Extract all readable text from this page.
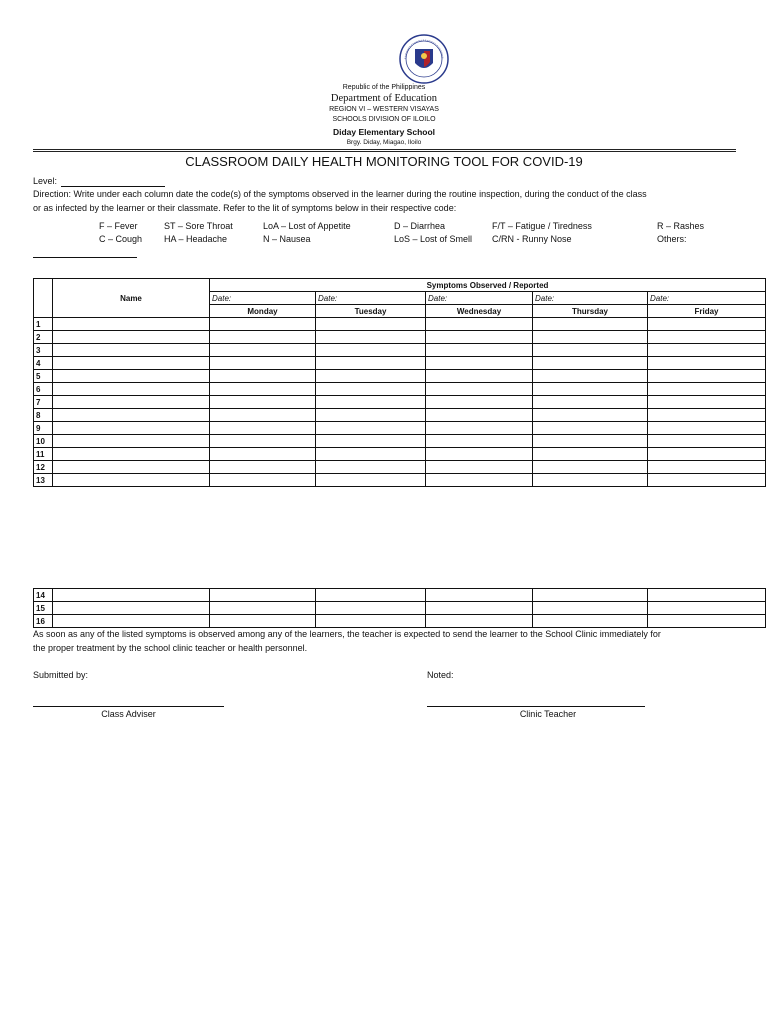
Republic of the Philippines
Department of Education
REGION VI – WESTERN VISAYAS
SCHOOLS DIVISION OF ILOILO
Diday Elementary School
Brgy. Diday, Miagao, Iloilo
CLASSROOM DAILY HEALTH MONITORING TOOL FOR COVID-19
Level:
Direction: Write under each column date the code(s) of the symptoms observed in the learner during the routine inspection, during the conduct of the class
or as infected by the learner or their classmate. Refer to the lit of symptoms below in their respective code:
F – Fever	ST – Sore Throat	LoA – Lost of Appetite	D – Diarrhea	F/T – Fatigue / Tiredness	R – Rashes
C – Cough HA – Headache	N – Nausea	LoS – Lost of Smell C/RN - Runny Nose	Others:
	Name	Symptoms Observed / Reported				
		Date:	Date:	Date:	Date:	Date:
		Monday	Tuesday	Wednesday	Thursday	Friday
1						
2						
3						
4						
5						
6						
7						
8						
9						
10						
11						
12						
13						
14						
15						
16						
As soon as any of the listed symptoms is observed among any of the learners, the teacher is expected to send the learner to the School Clinic immediately for
the proper treatment by the school clinic teacher or health personnel.
Submitted by:	Noted:
Class Adviser	Clinic Teacher
